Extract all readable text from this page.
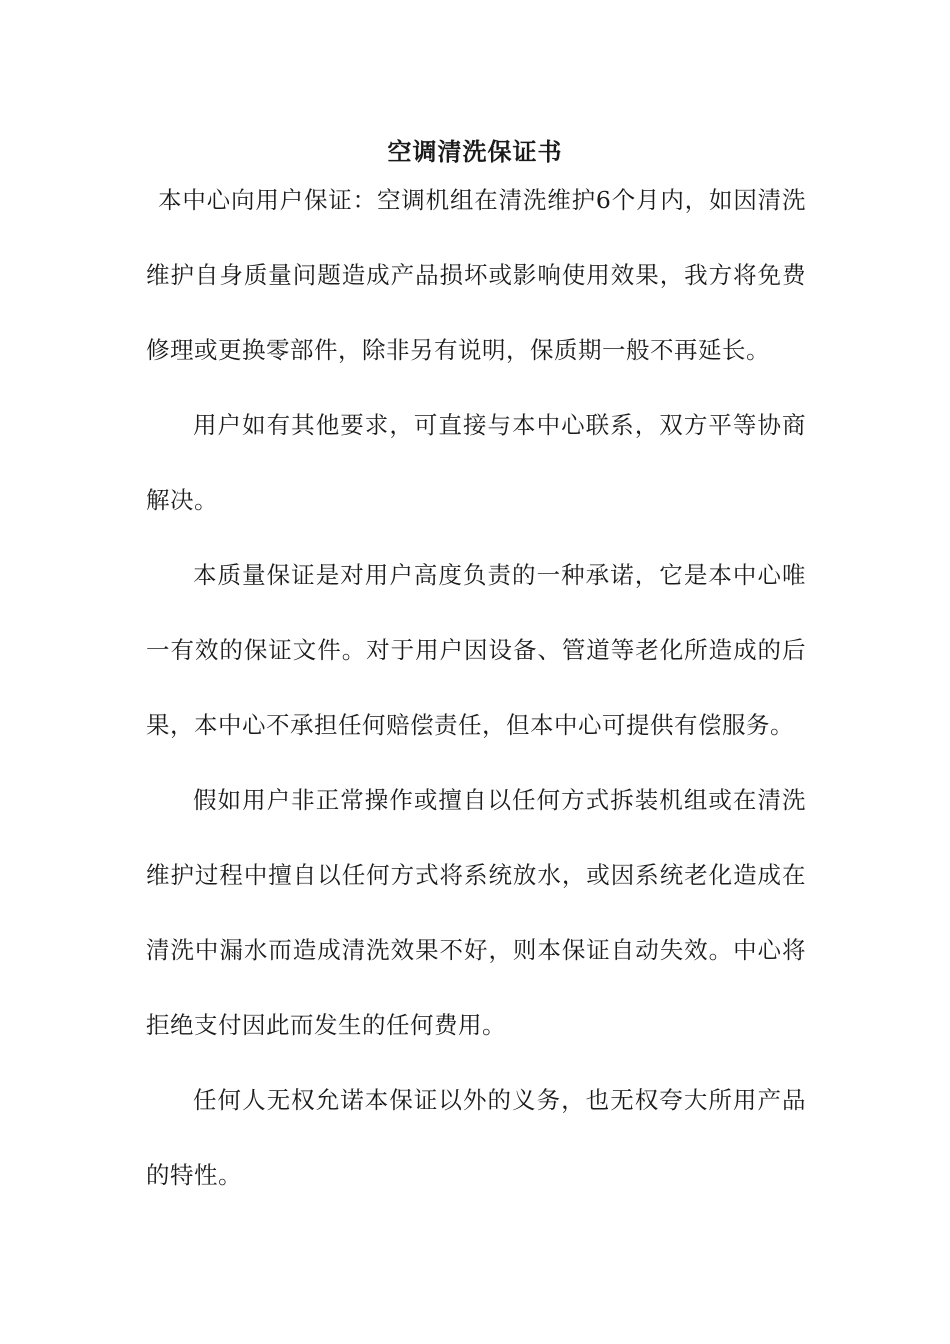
空调清洗保证书

本中心向用户保证：空调机组在清洗维护6个月内，如因清洗维护自身质量问题造成产品损坏或影响使用效果，我方将免费修理或更换零部件，除非另有说明，保质期一般不再延长。

用户如有其他要求，可直接与本中心联系，双方平等协商解决。

本质量保证是对用户高度负责的一种承诺，它是本中心唯一有效的保证文件。对于用户因设备、管道等老化所造成的后果，本中心不承担任何赔偿责任，但本中心可提供有偿服务。

假如用户非正常操作或擅自以任何方式拆装机组或在清洗维护过程中擅自以任何方式将系统放水，或因系统老化造成在清洗中漏水而造成清洗效果不好，则本保证自动失效。中心将拒绝支付因此而发生的任何费用。

任何人无权允诺本保证以外的义务，也无权夸大所用产品的特性。
